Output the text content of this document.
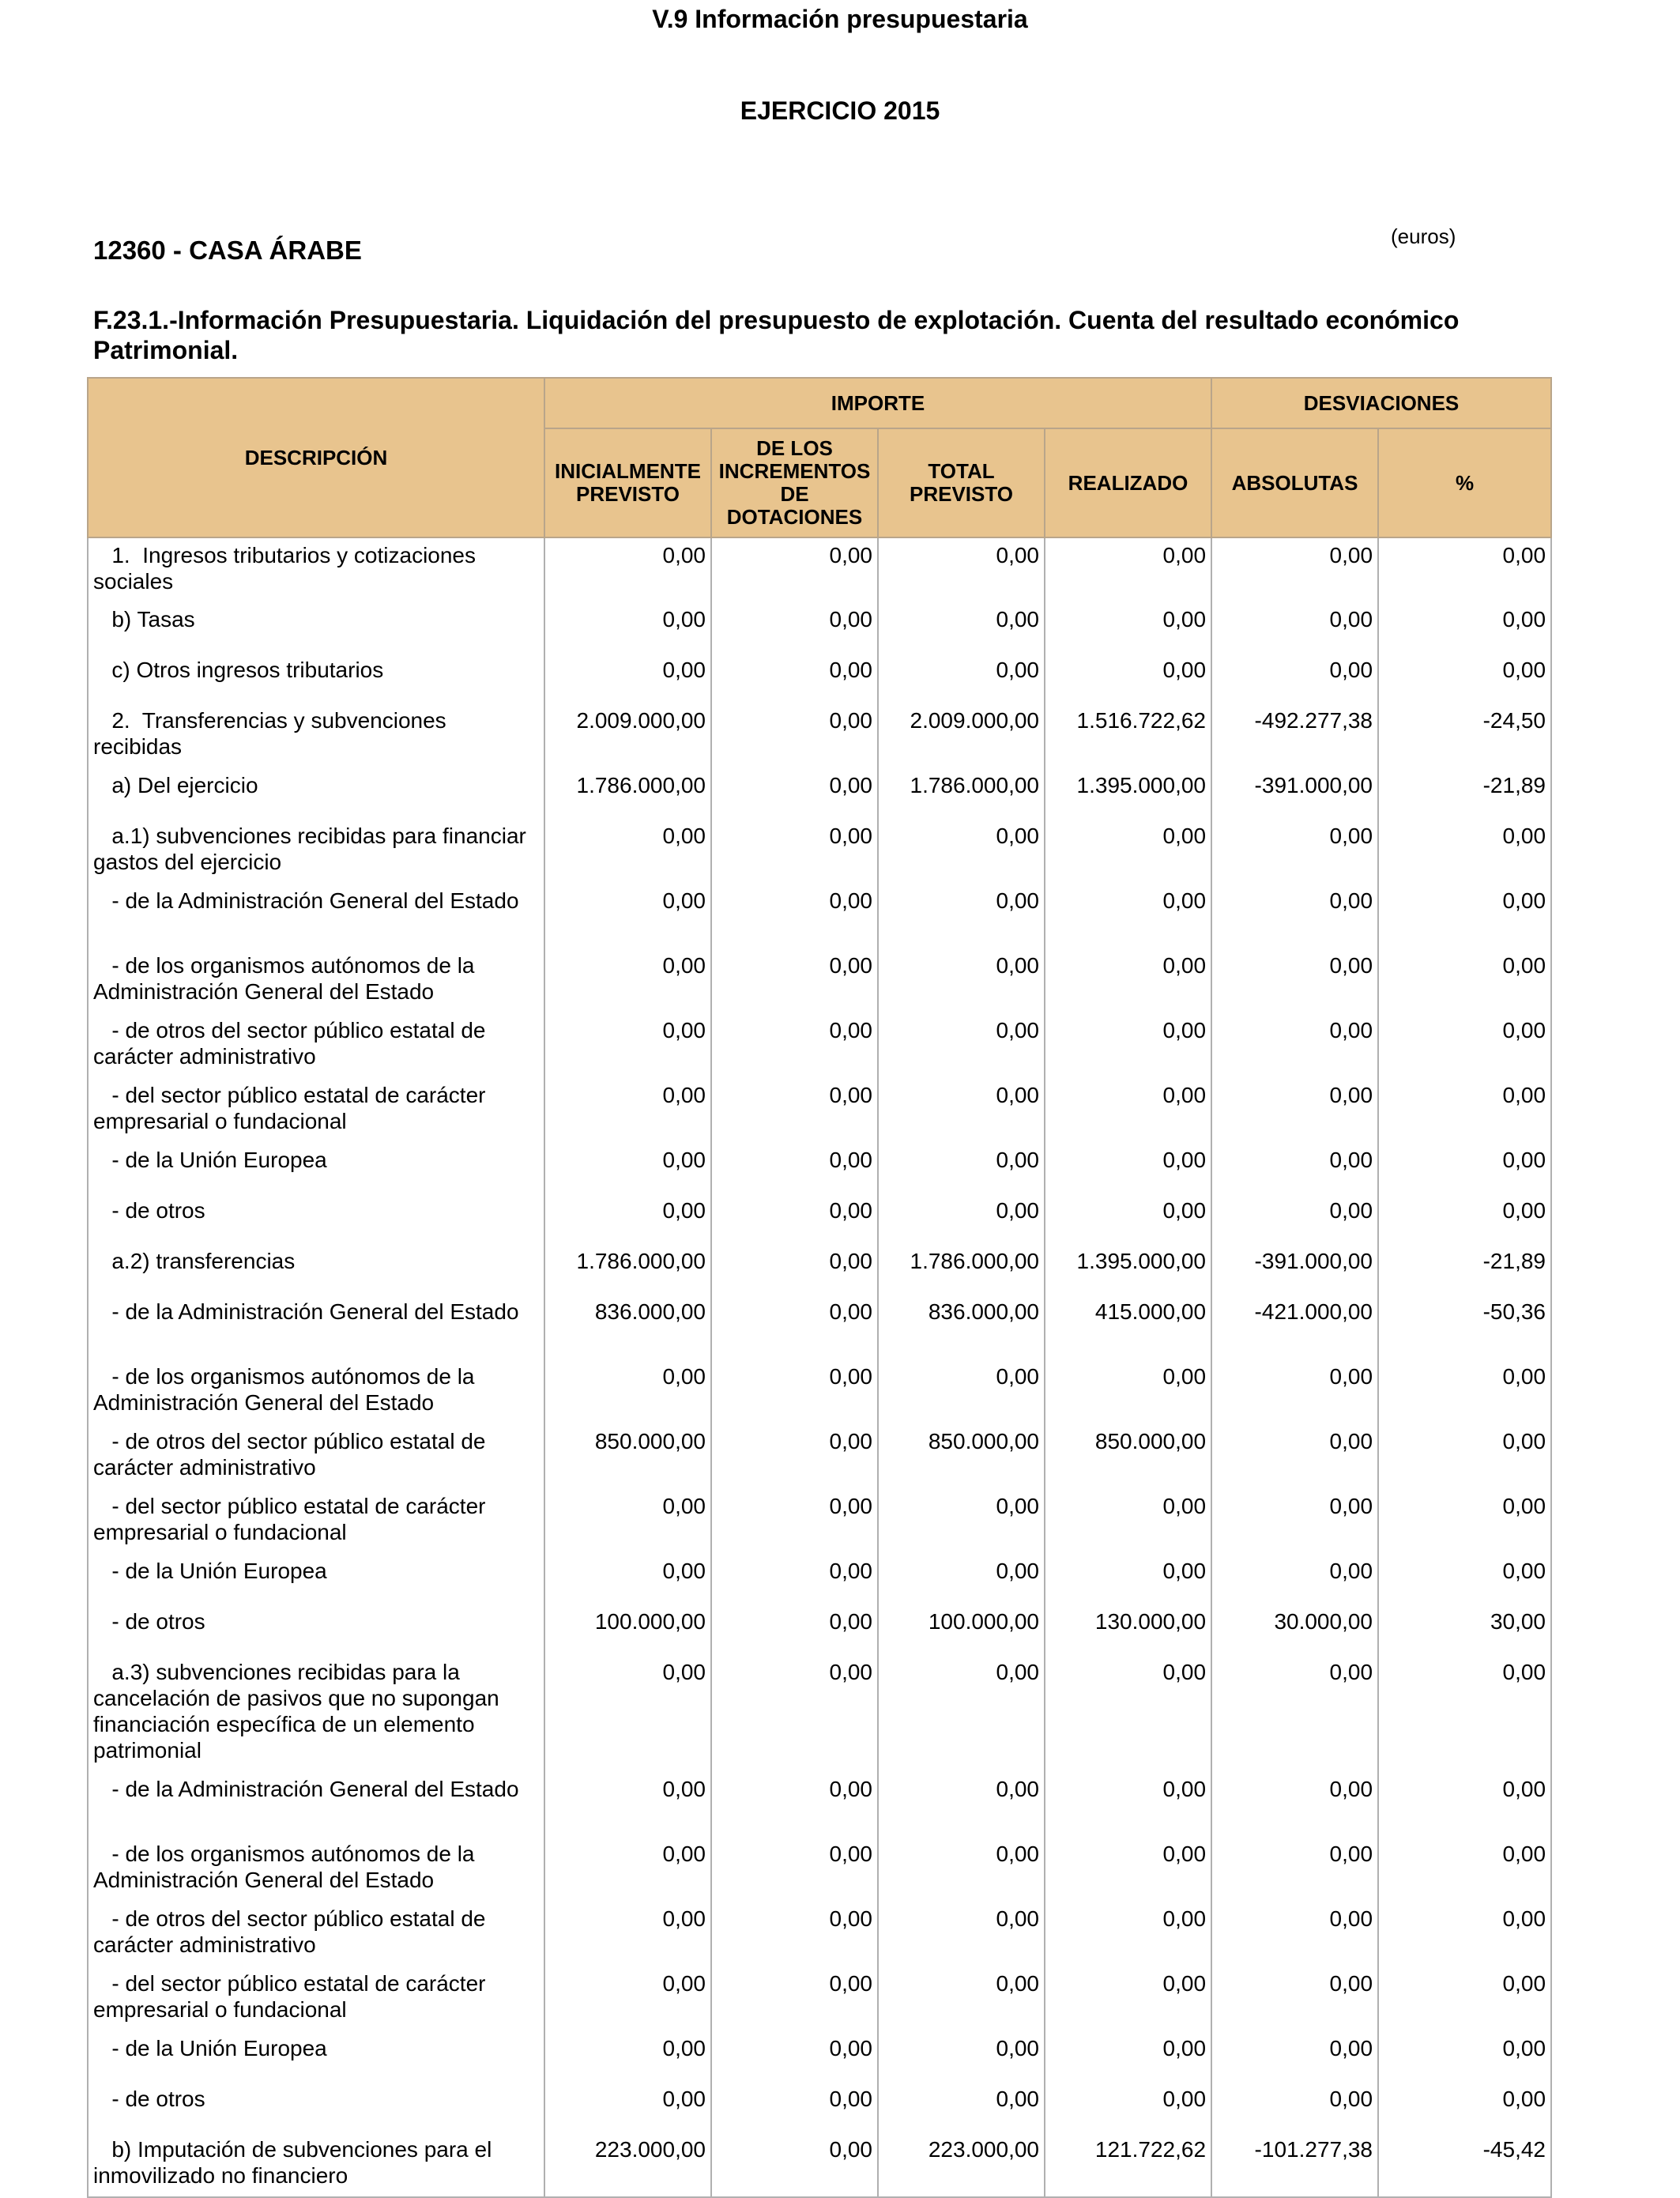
V.9 Información presupuestaria
EJERCICIO 2015
(euros)
12360 - CASA ÁRABE
F.23.1.-Información Presupuestaria. Liquidación del presupuesto de explotación. Cuenta del resultado económico Patrimonial.
DESCRIPCIÓN	IMPORTE				DESVIACIONES	
	INICIALMENTE PREVISTO	DE LOS INCREMENTOS DE DOTACIONES	TOTAL PREVISTO	REALIZADO	ABSOLUTAS	%
1.  Ingresos tributarios y cotizaciones sociales	0,00	0,00	0,00	0,00	0,00	0,00
b) Tasas	0,00	0,00	0,00	0,00	0,00	0,00
c) Otros ingresos tributarios	0,00	0,00	0,00	0,00	0,00	0,00
2.  Transferencias y subvenciones recibidas	2.009.000,00	0,00	2.009.000,00	1.516.722,62	-492.277,38	-24,50
a) Del ejercicio	1.786.000,00	0,00	1.786.000,00	1.395.000,00	-391.000,00	-21,89
a.1) subvenciones recibidas para financiar gastos del ejercicio	0,00	0,00	0,00	0,00	0,00	0,00
- de la Administración General del Estado	0,00	0,00	0,00	0,00	0,00	0,00
- de los organismos autónomos de la Administración General del Estado	0,00	0,00	0,00	0,00	0,00	0,00
- de otros del sector público estatal de carácter administrativo	0,00	0,00	0,00	0,00	0,00	0,00
- del sector público estatal de carácter empresarial o fundacional	0,00	0,00	0,00	0,00	0,00	0,00
- de la Unión Europea	0,00	0,00	0,00	0,00	0,00	0,00
- de otros	0,00	0,00	0,00	0,00	0,00	0,00
a.2) transferencias	1.786.000,00	0,00	1.786.000,00	1.395.000,00	-391.000,00	-21,89
- de la Administración General del Estado	836.000,00	0,00	836.000,00	415.000,00	-421.000,00	-50,36
- de los organismos autónomos de la Administración General del Estado	0,00	0,00	0,00	0,00	0,00	0,00
- de otros del sector público estatal de carácter administrativo	850.000,00	0,00	850.000,00	850.000,00	0,00	0,00
- del sector público estatal de carácter empresarial o fundacional	0,00	0,00	0,00	0,00	0,00	0,00
- de la Unión Europea	0,00	0,00	0,00	0,00	0,00	0,00
- de otros	100.000,00	0,00	100.000,00	130.000,00	30.000,00	30,00
a.3) subvenciones recibidas para la cancelación de pasivos que no supongan financiación específica de un elemento patrimonial	0,00	0,00	0,00	0,00	0,00	0,00
- de la Administración General del Estado	0,00	0,00	0,00	0,00	0,00	0,00
- de los organismos autónomos de la Administración General del Estado	0,00	0,00	0,00	0,00	0,00	0,00
- de otros del sector público estatal de carácter administrativo	0,00	0,00	0,00	0,00	0,00	0,00
- del sector público estatal de carácter empresarial o fundacional	0,00	0,00	0,00	0,00	0,00	0,00
- de la Unión Europea	0,00	0,00	0,00	0,00	0,00	0,00
- de otros	0,00	0,00	0,00	0,00	0,00	0,00
b) Imputación de subvenciones para el inmovilizado no financiero	223.000,00	0,00	223.000,00	121.722,62	-101.277,38	-45,42
